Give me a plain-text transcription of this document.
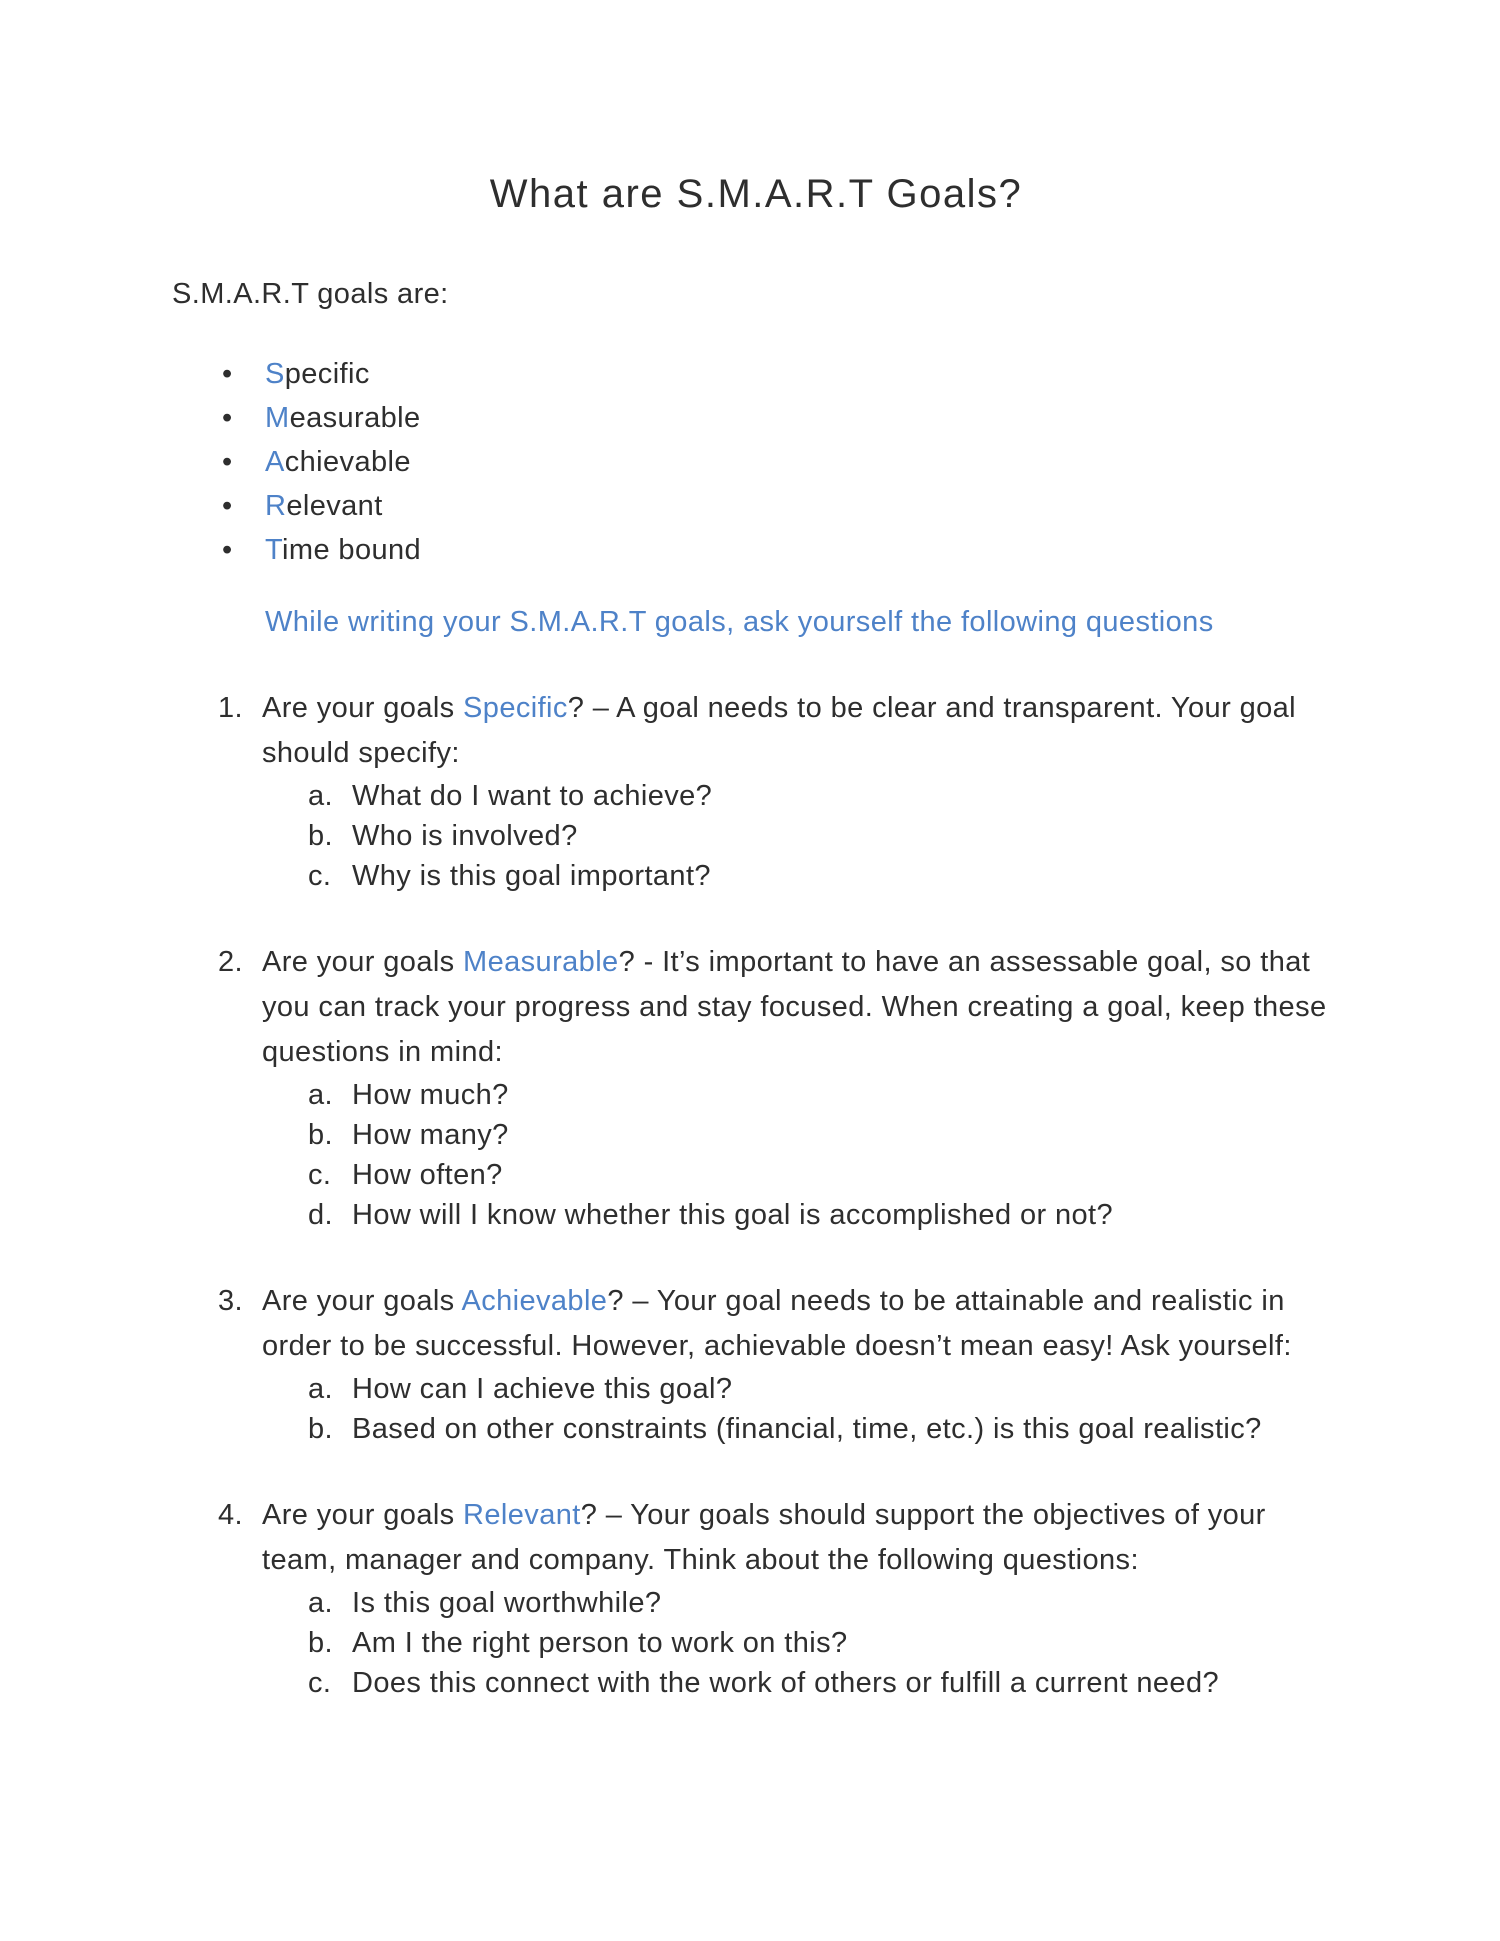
What are S.M.A.R.T Goals?

S.M.A.R.T goals are:

• Specific
• Measurable
• Achievable
• Relevant
• Time bound

While writing your S.M.A.R.T goals, ask yourself the following questions

1. Are your goals Specific? – A goal needs to be clear and transparent. Your goal should specify:

a. What do I want to achieve?
b. Who is involved?
c. Why is this goal important?
2. Are your goals Measurable? - It’s important to have an assessable goal, so that you can track your progress and stay focused. When creating a goal, keep these questions in mind:

a. How much?
b. How many?
c. How often?
d. How will I know whether this goal is accomplished or not?
3. Are your goals Achievable? – Your goal needs to be attainable and realistic in order to be successful. However, achievable doesn’t mean easy! Ask yourself:

a. How can I achieve this goal?
b. Based on other constraints (financial, time, etc.) is this goal realistic?
4. Are your goals Relevant? – Your goals should support the objectives of your team, manager and company. Think about the following questions:

a. Is this goal worthwhile?
b. Am I the right person to work on this?
c. Does this connect with the work of others or fulfill a current need?
